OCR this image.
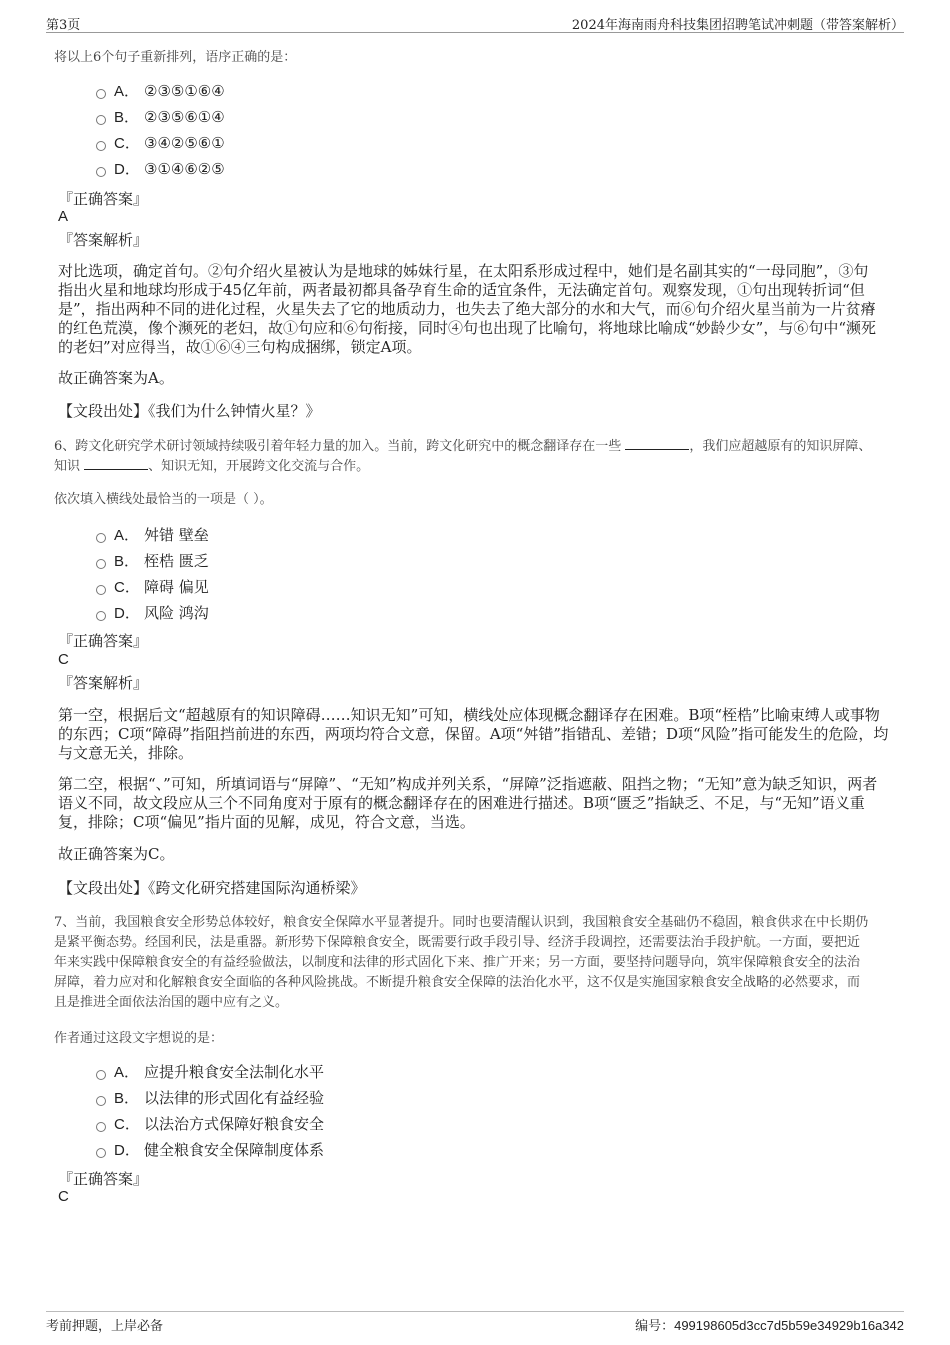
第3页	2024年海南雨舟科技集团招聘笔试冲刺题（带答案解析）
将以上6个句子重新排列，语序正确的是：
A． ②③⑤①⑥④
B． ②③⑤⑥①④
C． ③④②⑤⑥①
D． ③①④⑥②⑤
『正确答案』
A
『答案解析』
对比选项，确定首句。②句介绍火星被认为是地球的姊妹行星，在太阳系形成过程中，她们是名副其实的“一母同胞”，③句
指出火星和地球均形成于45亿年前，两者最初都具备孕育生命的适宜条件，无法确定首句。观察发现，①句出现转折词“但
是”，指出两种不同的进化过程，火星失去了它的地质动力，也失去了绝大部分的水和大气，而⑥句介绍火星当前为一片贫瘠
的红色荒漠，像个濒死的老妇，故①句应和⑥句衔接，同时④句也出现了比喻句，将地球比喻成“妙龄少女”，与⑥句中“濒死
的老妇”对应得当，故①⑥④三句构成捆绑，锁定A项。
故正确答案为A。
【文段出处】《我们为什么钟情火星？》
6、跨文化研究学术研讨领域持续吸引着年轻力量的加入。当前，跨文化研究中的概念翻译存在一些	，我们应超越原有的知识屏障、
知识	、知识无知，开展跨文化交流与合作。
依次填入横线处最恰当的一项是（ ）。
A． 舛错 壁垒
B． 桎梏 匮乏
C． 障碍 偏见
D． 风险 鸿沟
『正确答案』
C
『答案解析』
第一空，根据后文“超越原有的知识障碍……知识无知”可知，横线处应体现概念翻译存在困难。B项“桎梏”比喻束缚人或事物
的东西；C项“障碍”指阻挡前进的东西，两项均符合文意，保留。A项“舛错”指错乱、差错；D项“风险”指可能发生的危险，均
与文意无关，排除。
第二空，根据“、”可知，所填词语与“屏障”、“无知”构成并列关系，“屏障”泛指遮蔽、阻挡之物；“无知”意为缺乏知识，两者
语义不同，故文段应从三个不同角度对于原有的概念翻译存在的困难进行描述。B项“匮乏”指缺乏、不足，与“无知”语义重
复，排除；C项“偏见”指片面的见解，成见，符合文意，当选。
故正确答案为C。
【文段出处】《跨文化研究搭建国际沟通桥梁》
7、当前，我国粮食安全形势总体较好，粮食安全保障水平显著提升。同时也要清醒认识到，我国粮食安全基础仍不稳固，粮食供求在中长期仍
是紧平衡态势。经国利民，法是重器。新形势下保障粮食安全，既需要行政手段引导、经济手段调控，还需要法治手段护航。一方面，要把近
年来实践中保障粮食安全的有益经验做法，以制度和法律的形式固化下来、推广开来；另一方面，要坚持问题导向，筑牢保障粮食安全的法治
屏障，着力应对和化解粮食安全面临的各种风险挑战。不断提升粮食安全保障的法治化水平，这不仅是实施国家粮食安全战略的必然要求，而
且是推进全面依法治国的题中应有之义。
作者通过这段文字想说的是：
A． 应提升粮食安全法制化水平
B． 以法律的形式固化有益经验
C． 以法治方式保障好粮食安全
D． 健全粮食安全保障制度体系
『正确答案』
C
考前押题，上岸必备	编号：499198605d3cc7d5b59e34929b16a342
